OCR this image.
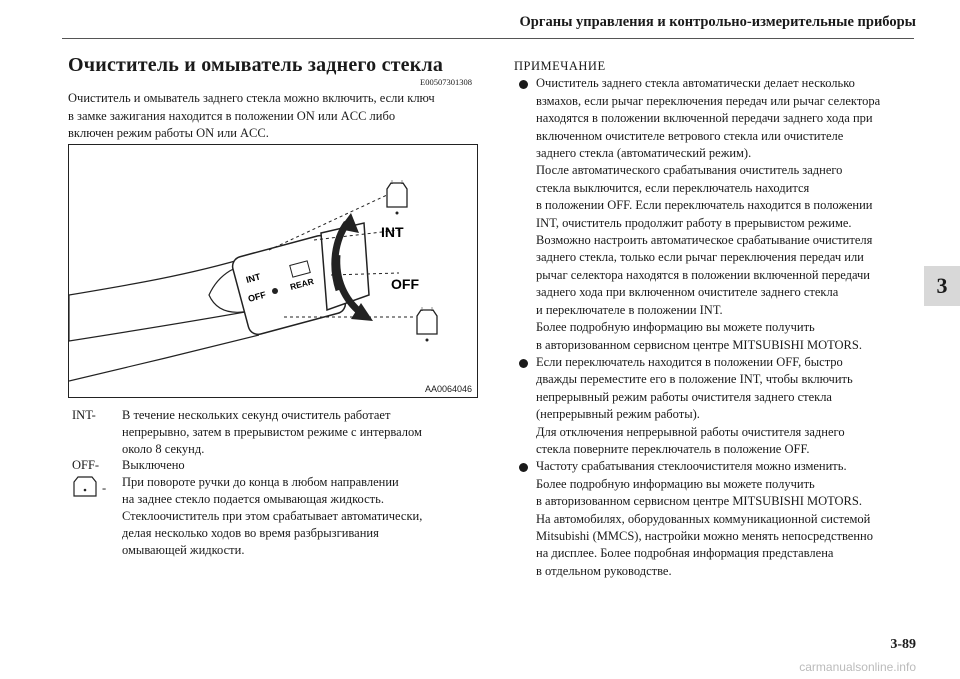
Органы управления и контрольно-измерительные приборы
3
Очиститель и омыватель заднего стекла
E00507301308
Очиститель и омыватель заднего стекла можно включить, если ключ
в замке зажигания находится в положении ON или ACC либо
включен режим работы ON или ACC.
INT
OFF
REAR
INT
OFF
AA0064046
INT- В течение нескольких секунд очиститель работает
непрерывно, затем в прерывистом режиме с интервалом
около 8 секунд.
OFF- Выключено
- При повороте ручки до конца в любом направлении
на заднее стекло подается омывающая жидкость.
Стеклоочиститель при этом срабатывает автоматически,
делая несколько ходов во время разбрызгивания
омывающей жидкости.
ПРИМЕЧАНИЕ
Очиститель заднего стекла автоматически делает несколько
взмахов, если рычаг переключения передач или рычаг селектора
находятся в положении включенной передачи заднего хода при
включенном очистителе ветрового стекла или очистителе
заднего стекла (автоматический режим).
После автоматического срабатывания очиститель заднего
стекла выключится, если переключатель находится
в положении OFF. Если переключатель находится в положении
INT, очиститель продолжит работу в прерывистом режиме.
Возможно настроить автоматическое срабатывание очистителя
заднего стекла, только если рычаг переключения передач или
рычаг селектора находятся в положении включенной передачи
заднего хода при включенном очистителе заднего стекла
и переключателе в положении INT.
Более подробную информацию вы можете получить
в авторизованном сервисном центре MITSUBISHI MOTORS.
Если переключатель находится в положении OFF, быстро
дважды переместите его в положение INT, чтобы включить
непрерывный режим работы очистителя заднего стекла
(непрерывный режим работы).
Для отключения непрерывной работы очистителя заднего
стекла поверните переключатель в положение OFF.
Частоту срабатывания стеклоочистителя можно изменить.
Более подробную информацию вы можете получить
в авторизованном сервисном центре MITSUBISHI MOTORS.
На автомобилях, оборудованных коммуникационной системой
Mitsubishi (MMCS), настройки можно менять непосредственно
на дисплее. Более подробная информация представлена
в отдельном руководстве.
3-89
carmanualsonline.info
